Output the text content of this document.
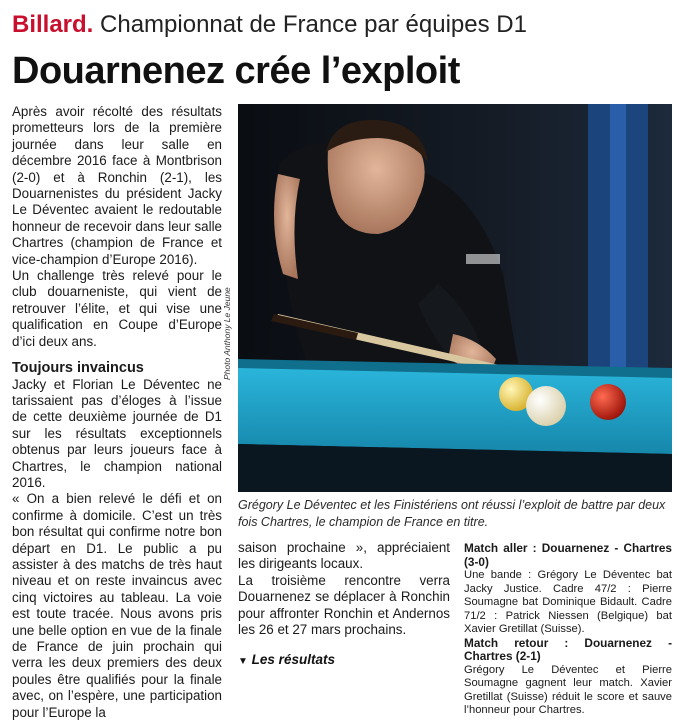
Billard. Championnat de France par équipes D1
Douarnenez crée l’exploit

Après avoir récolté des résultats prometteurs lors de la première journée dans leur salle en décembre 2016 face à Montbrison (2-0) et à Ronchin (2-1), les Douarnenistes du président Jacky Le Déventec avaient le redoutable honneur de recevoir dans leur salle Chartres (champion de France et vice-champion d’Europe 2016).

Un challenge très relevé pour le club douarneniste, qui vient de retrouver l’élite, et qui vise une qualification en Coupe d’Europe d’ici deux ans.

Toujours invaincus

Jacky et Florian Le Déventec ne tarissaient pas d’éloges à l’issue de cette deuxième journée de D1 sur les résultats exceptionnels obtenus par leurs joueurs face à Chartres, le champion national 2016.

« On a bien relevé le défi et on confirme à domicile. C’est un très bon résultat qui confirme notre bon départ en D1. Le public a pu assister à des matchs de très haut niveau et on reste invaincus avec cinq victoires au tableau. La voie est toute tracée. Nous avons pris une belle option en vue de la finale de France de juin prochain qui verra les deux premiers des deux poules être qualifiés pour la finale avec, on l’espère, une participation pour l’Europe la

Photo Anthony Le Jeune
Grégory Le Déventec et les Finistériens ont réussi l’exploit de battre par deux fois Chartres, le champion de France en titre.

saison prochaine », appréciaient les dirigeants locaux.

La troisième rencontre verra Douarnenez se déplacer à Ronchin pour affronter Ronchin et Andernos les 26 et 27 mars prochains.

▼ Les résultats

Match aller : Douarnenez - Chartres (3-0)

Une bande : Grégory Le Déventec bat Jacky Justice. Cadre 47/2 : Pierre Soumagne bat Dominique Bidault. Cadre 71/2 : Patrick Niessen (Belgique) bat Xavier Gretillat (Suisse).

Match retour : Douarnenez - Chartres (2-1)

Grégory Le Déventec et Pierre Soumagne gagnent leur match. Xavier Gretillat (Suisse) réduit le score et sauve l’honneur pour Chartres.
